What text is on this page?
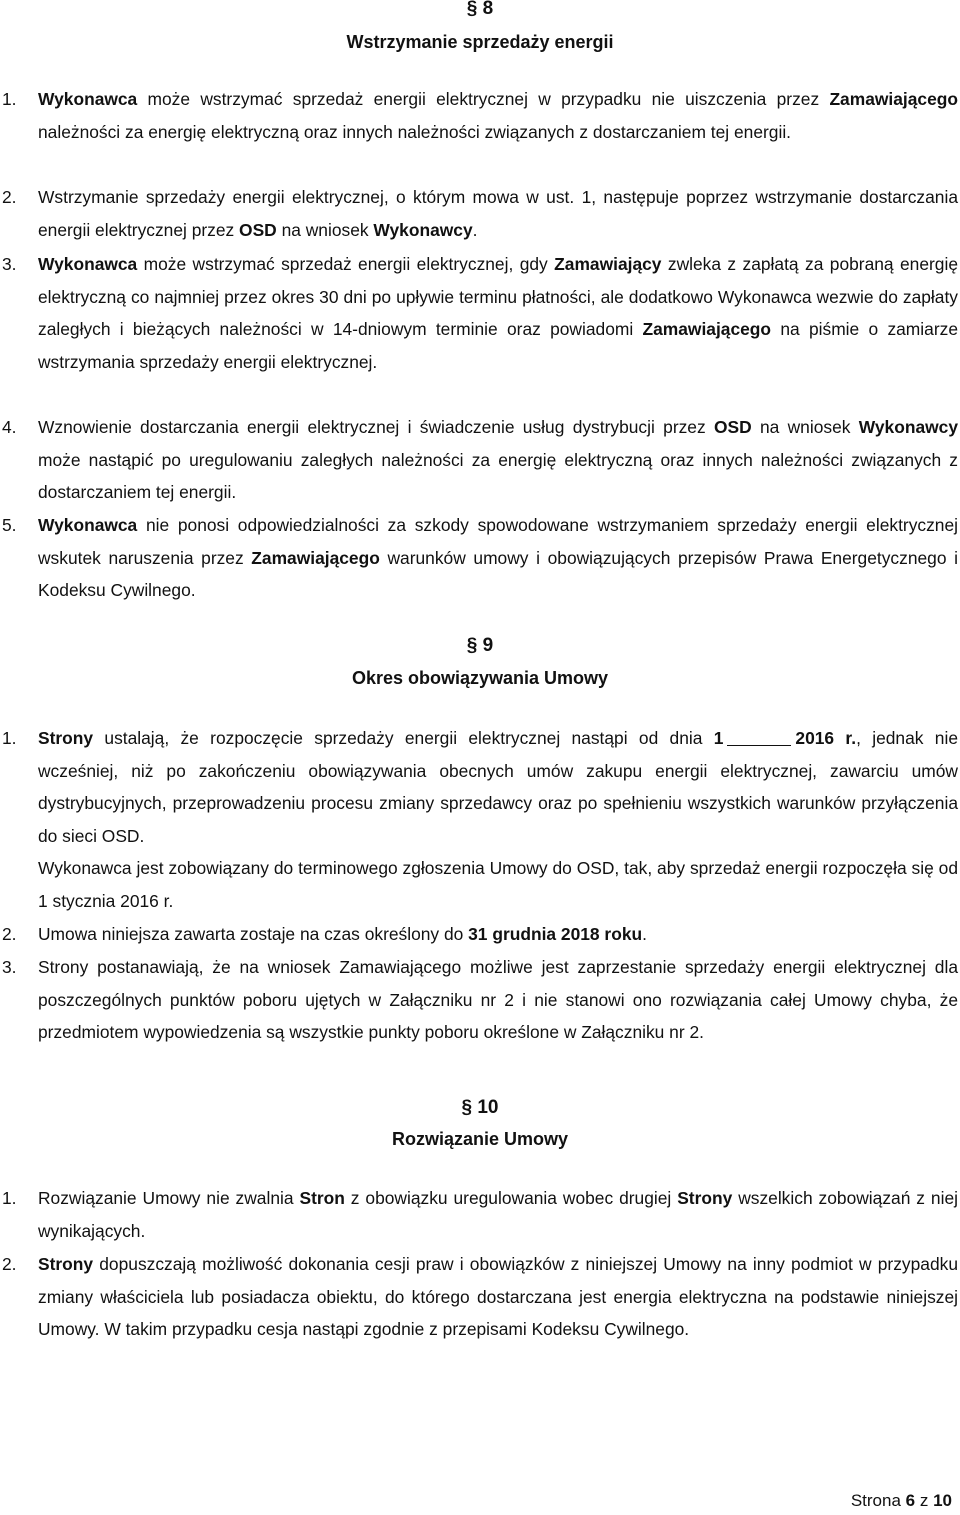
§ 8
Wstrzymanie sprzedaży energii
1.	Wykonawca może wstrzymać sprzedaż energii elektrycznej w przypadku nie uiszczenia przez Zamawiającego należności za energię elektryczną oraz innych należności związanych z dostarczaniem tej energii.
2.	Wstrzymanie sprzedaży energii elektrycznej, o którym mowa w ust. 1, następuje poprzez wstrzymanie dostarczania energii elektrycznej przez OSD na wniosek Wykonawcy.
3.	Wykonawca może wstrzymać sprzedaż energii elektrycznej, gdy Zamawiający zwleka z zapłatą za pobraną energię elektryczną co najmniej przez okres 30 dni po upływie terminu płatności, ale dodatkowo Wykonawca wezwie do zapłaty zaległych i bieżących należności w 14-dniowym terminie oraz powiadomi Zamawiającego na piśmie o zamiarze wstrzymania sprzedaży energii elektrycznej.
4.	Wznowienie dostarczania energii elektrycznej i świadczenie usług dystrybucji przez OSD na wniosek Wykonawcy może nastąpić po uregulowaniu zaległych należności za energię elektryczną oraz innych należności związanych z dostarczaniem tej energii.
5.	Wykonawca nie ponosi odpowiedzialności za szkody spowodowane wstrzymaniem sprzedaży energii elektrycznej wskutek naruszenia przez Zamawiającego warunków umowy i obowiązujących przepisów Prawa Energetycznego i Kodeksu Cywilnego.
§ 9
Okres obowiązywania Umowy
1.	Strony ustalają, że rozpoczęcie sprzedaży energii elektrycznej nastąpi od dnia 1	2016 r., jednak nie wcześniej, niż po zakończeniu obowiązywania obecnych umów zakupu energii elektrycznej, zawarciu umów dystrybucyjnych, przeprowadzeniu procesu zmiany sprzedawcy oraz po spełnieniu wszystkich warunków przyłączenia do sieci OSD.
Wykonawca jest zobowiązany do terminowego zgłoszenia Umowy do OSD, tak, aby sprzedaż energii rozpoczęła się od 1 stycznia 2016 r.
2.	Umowa niniejsza zawarta zostaje na czas określony do 31 grudnia 2018 roku.
3.	Strony postanawiają, że na wniosek Zamawiającego możliwe jest zaprzestanie sprzedaży energii elektrycznej dla poszczególnych punktów poboru ujętych w Załączniku nr 2 i nie stanowi ono rozwiązania całej Umowy chyba, że przedmiotem wypowiedzenia są wszystkie punkty poboru określone w Załączniku nr 2.
§ 10
Rozwiązanie Umowy
1.	Rozwiązanie Umowy nie zwalnia Stron z obowiązku uregulowania wobec drugiej Strony wszelkich zobowiązań z niej wynikających.
2.	Strony dopuszczają możliwość dokonania cesji praw i obowiązków z niniejszej Umowy na inny podmiot w przypadku zmiany właściciela lub posiadacza obiektu, do którego dostarczana jest energia elektryczna na podstawie niniejszej Umowy. W takim przypadku cesja nastąpi zgodnie z przepisami Kodeksu Cywilnego.
Strona 6 z 10
